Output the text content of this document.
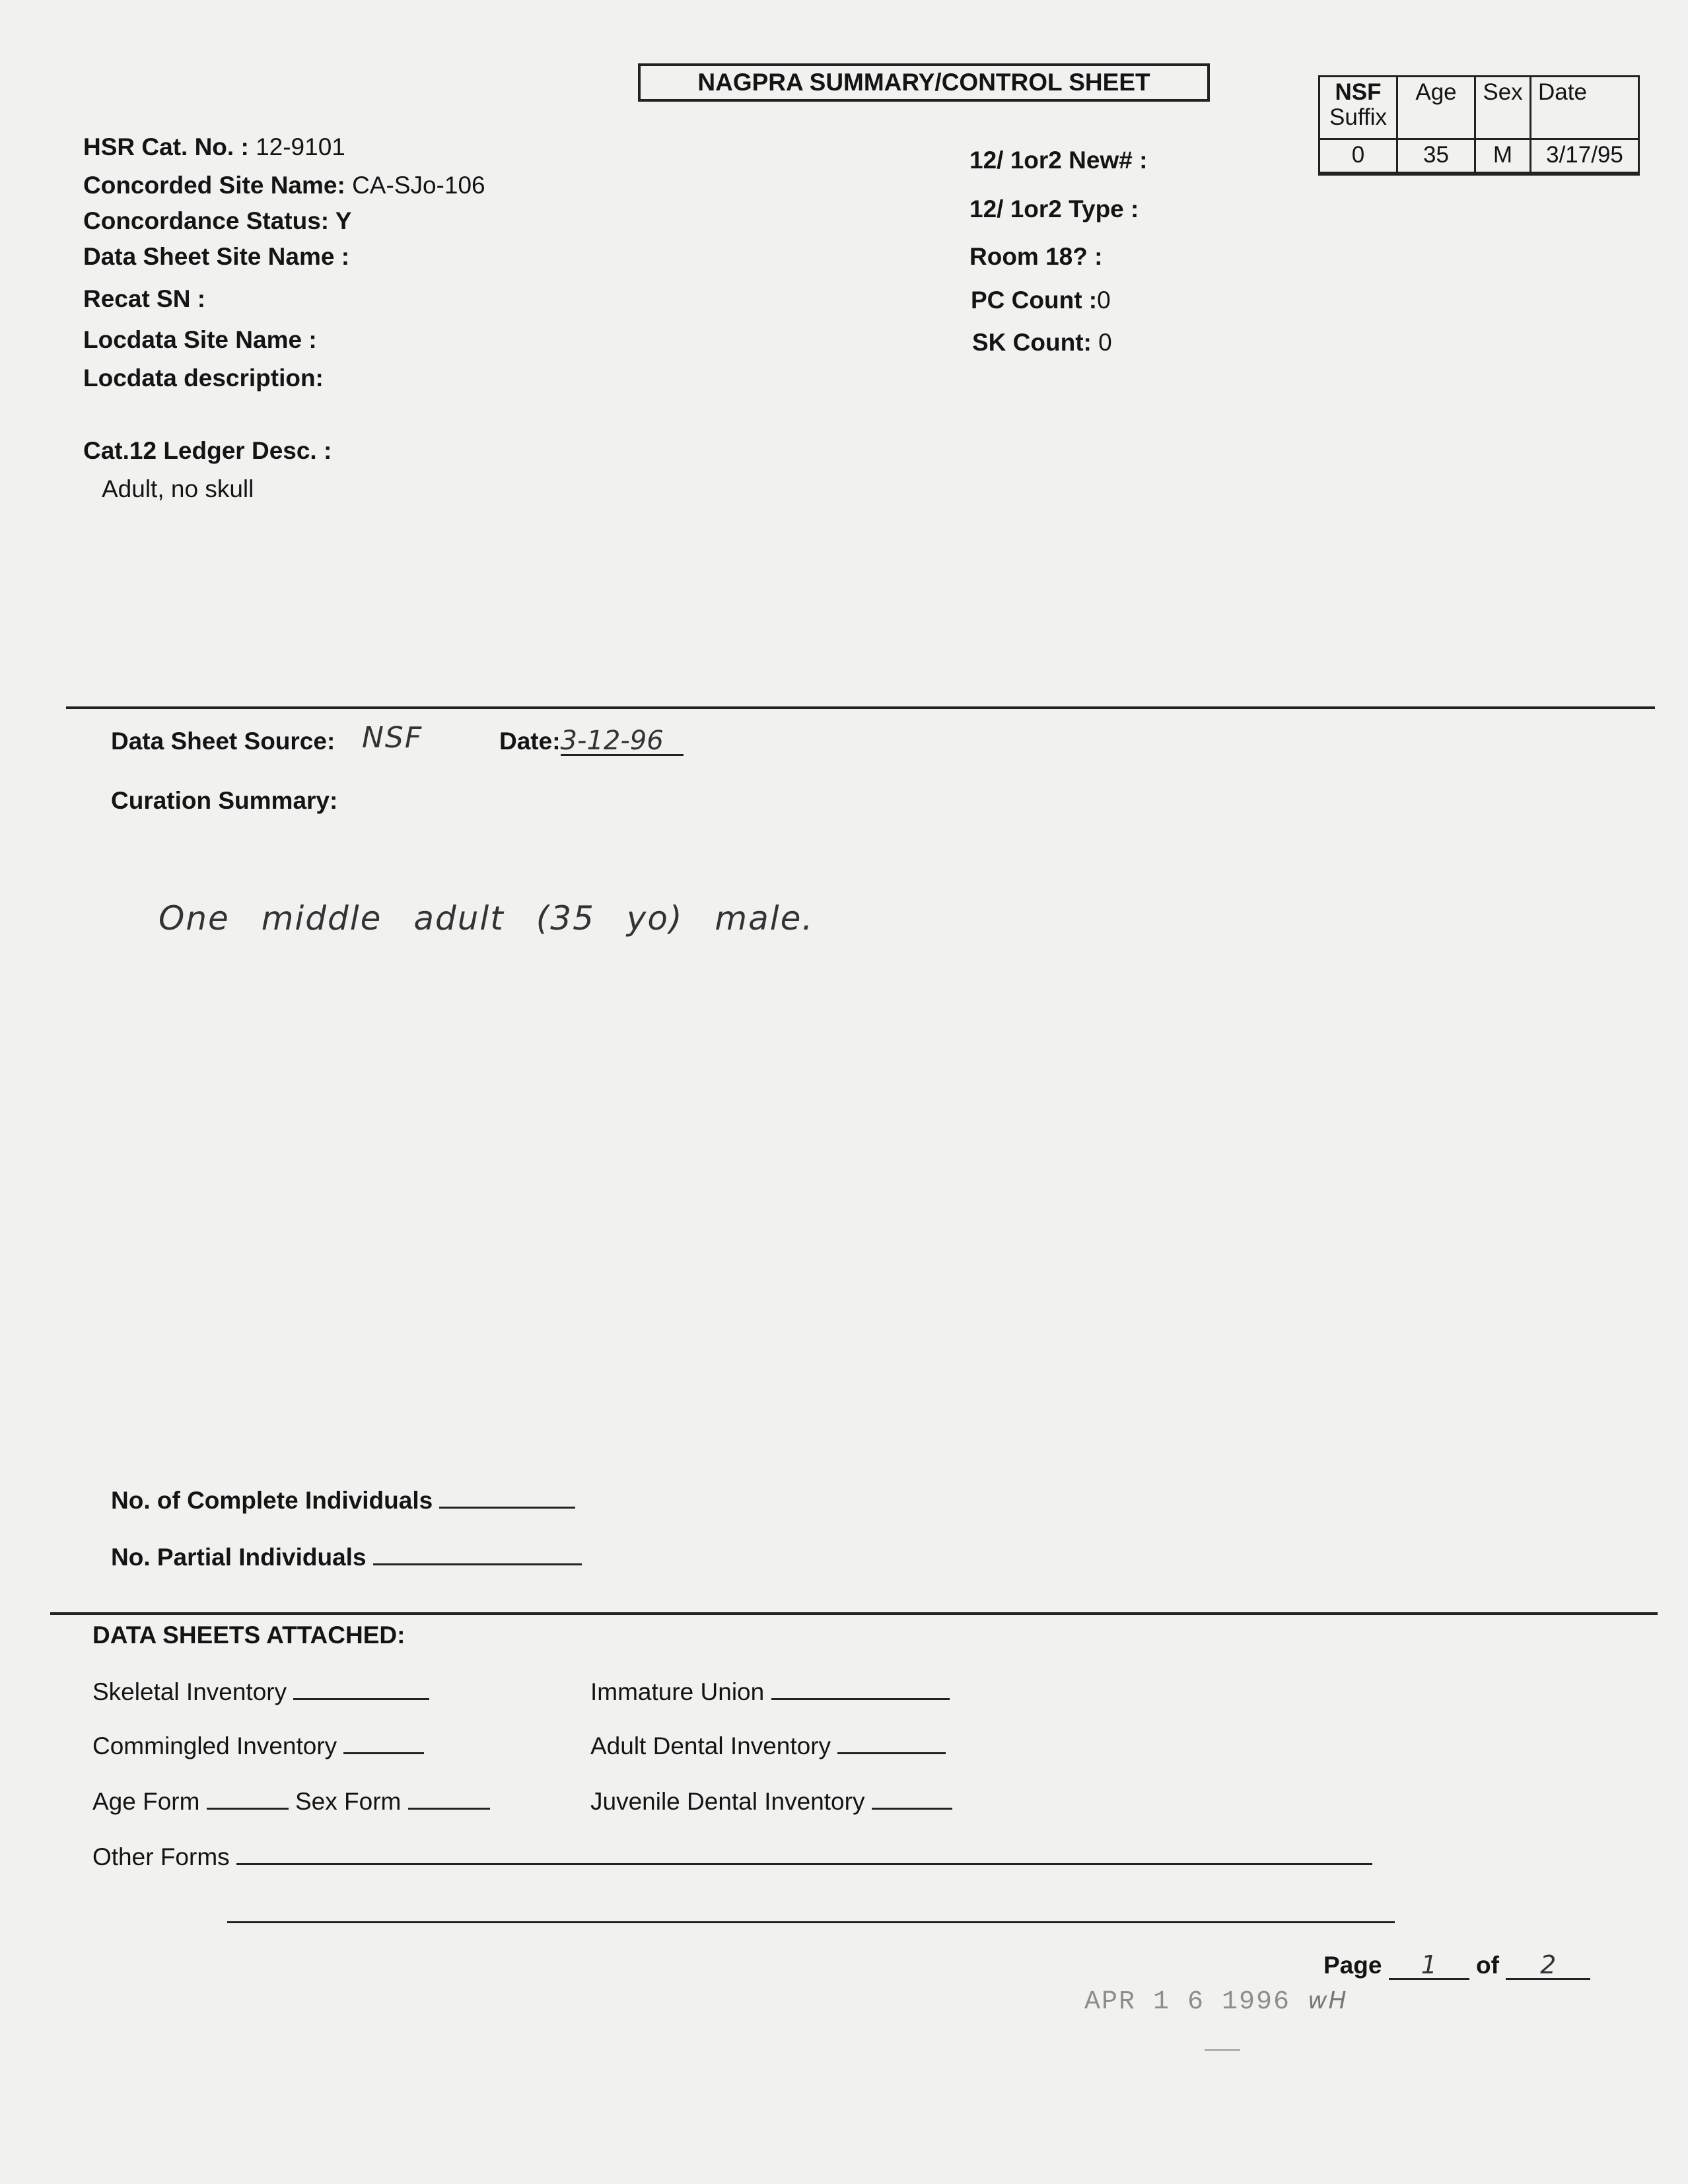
NAGPRA SUMMARY/CONTROL SHEET	NSF
Suffix	Age	Sex	Date

0	35	M	3/17/95
HSR Cat. No. : 12-9101
Concorded Site Name: CA-SJo-106
Concordance Status: Y
Data Sheet Site Name :
Recat SN :
Locdata Site Name :
Locdata description:
Cat.12 Ledger Desc. :
Adult, no skull
12/ 1or2 New# :
12/ 1or2 Type :
Room 18? :
PC Count :0
SK Count: 0
Data Sheet Source: NSF	Date:3-12-96
Curation Summary:
One middle adult (35 yo) male.
No. of Complete Individuals
No. Partial Individuals
DATA SHEETS ATTACHED:
Skeletal Inventory
Commingled Inventory
Age Form	Sex Form
Immature Union
Adult Dental Inventory
Juvenile Dental Inventory
Other Forms
Page 1 of 2
APR 1 6 1996 wH
